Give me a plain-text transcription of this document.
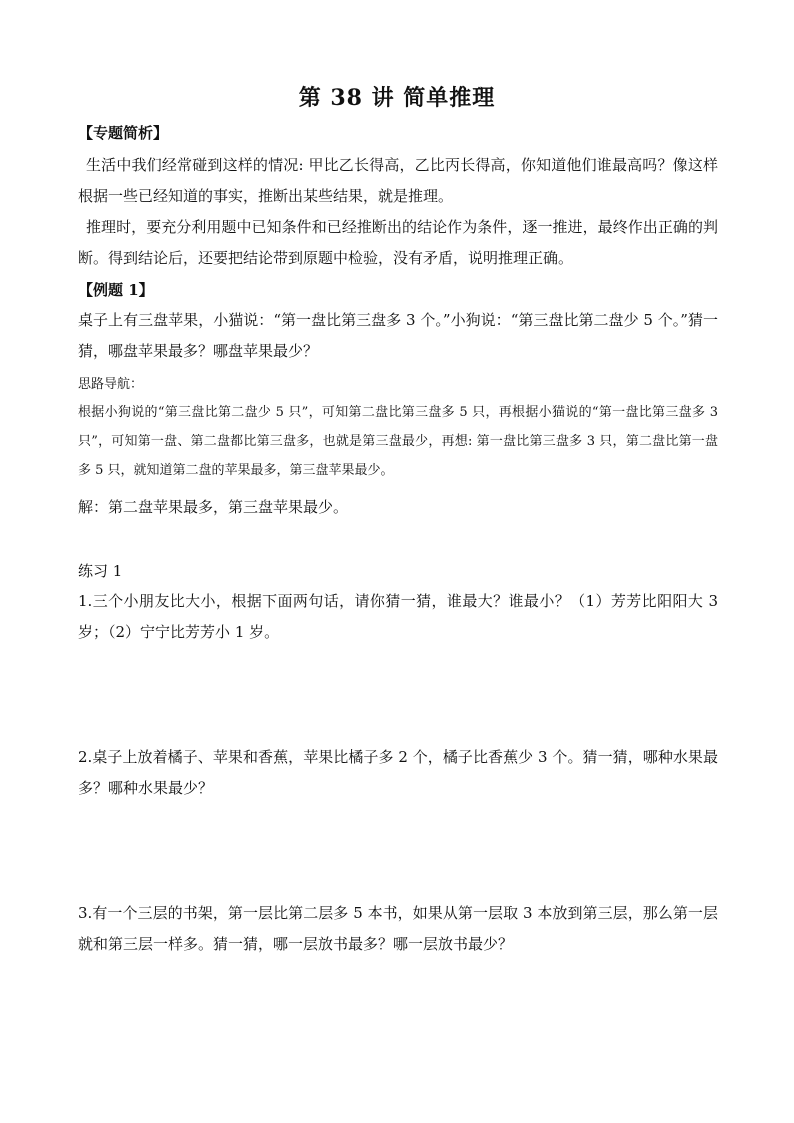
第 38 讲 简单推理
【专题简析】
生活中我们经常碰到这样的情况: 甲比乙长得高，乙比丙长得高，你知道他们谁最高吗？像这样根据一些已经知道的事实，推断出某些结果，就是推理。
推理时，要充分利用题中已知条件和已经推断出的结论作为条件，逐一推进，最终作出正确的判断。得到结论后，还要把结论带到原题中检验，没有矛盾，说明推理正确。
【例题 1】
桌子上有三盘苹果，小猫说：“第一盘比第三盘多 3 个。”小狗说：“第三盘比第二盘少 5 个。”猜一猜，哪盘苹果最多？哪盘苹果最少？
思路导航：
根据小狗说的“第三盘比第二盘少 5 只”，可知第二盘比第三盘多 5 只，再根据小猫说的“第一盘比第三盘多 3 只”，可知第一盘、第二盘都比第三盘多，也就是第三盘最少，再想: 第一盘比第三盘多 3 只，第二盘比第一盘多 5 只，就知道第二盘的苹果最多，第三盘苹果最少。
解：第二盘苹果最多，第三盘苹果最少。
练习 1
1.三个小朋友比大小，根据下面两句话，请你猜一猜，谁最大？谁最小？（1）芳芳比阳阳大 3 岁；（2）宁宁比芳芳小 1 岁。
2.桌子上放着橘子、苹果和香蕉，苹果比橘子多 2 个，橘子比香蕉少 3 个。猜一猜，哪种水果最多？哪种水果最少？
3.有一个三层的书架，第一层比第二层多 5 本书，如果从第一层取 3 本放到第三层，那么第一层就和第三层一样多。猜一猜，哪一层放书最多？哪一层放书最少？
